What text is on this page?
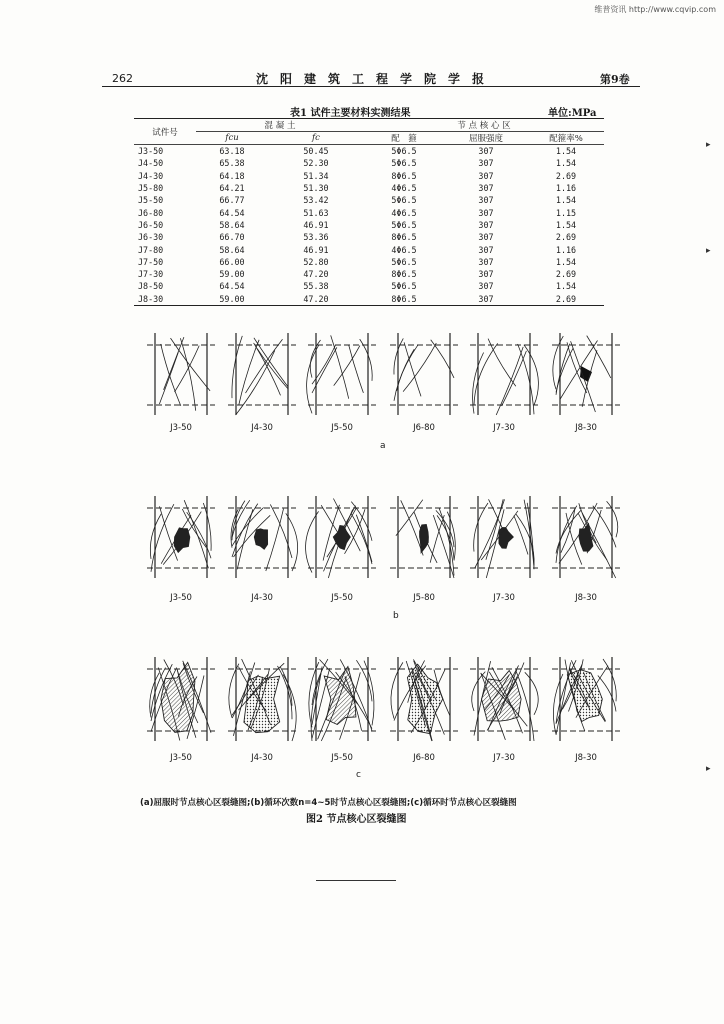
维普资讯 http://www.cqvip.com
262	沈阳建筑工程学院学报	第9卷
表1 试件主要材料实测结果	单位:MPa
试件号	混 凝 土		节 点 核 心 区		
	fcu	fc	配　箍	屈服强度	配箍率%
J3-50	63.18	50.45	5Φ6.5	307	1.54
J4-50	65.38	52.30	5Φ6.5	307	1.54
J4-30	64.18	51.34	8Φ6.5	307	2.69
J5-80	64.21	51.30	4Φ6.5	307	1.16
J5-50	66.77	53.42	5Φ6.5	307	1.54
J6-80	64.54	51.63	4Φ6.5	307	1.15
J6-50	58.64	46.91	5Φ6.5	307	1.54
J6-30	66.70	53.36	8Φ6.5	307	2.69
J7-80	58.64	46.91	4Φ6.5	307	1.16
J7-50	66.00	52.80	5Φ6.5	307	1.54
J7-30	59.00	47.20	8Φ6.5	307	2.69
J8-50	64.54	55.38	5Φ6.5	307	1.54
J8-30	59.00	47.20	8Φ6.5	307	2.69
J3-50	J4-30	J5-50	J6-80	J7-30	J8-30
a
J3-50	J4-30	J5-50	J5-80	J7-30	J8-30
b
J3-50	J4-30	J5-50	J6-80	J7-30	J8-30
c
(a)屈服时节点核心区裂缝图;(b)循环次数n=4~5时节点核心区裂缝图;(c)循环时节点核心区裂缝图
图2 节点核心区裂缝图
▸
▸
▸
